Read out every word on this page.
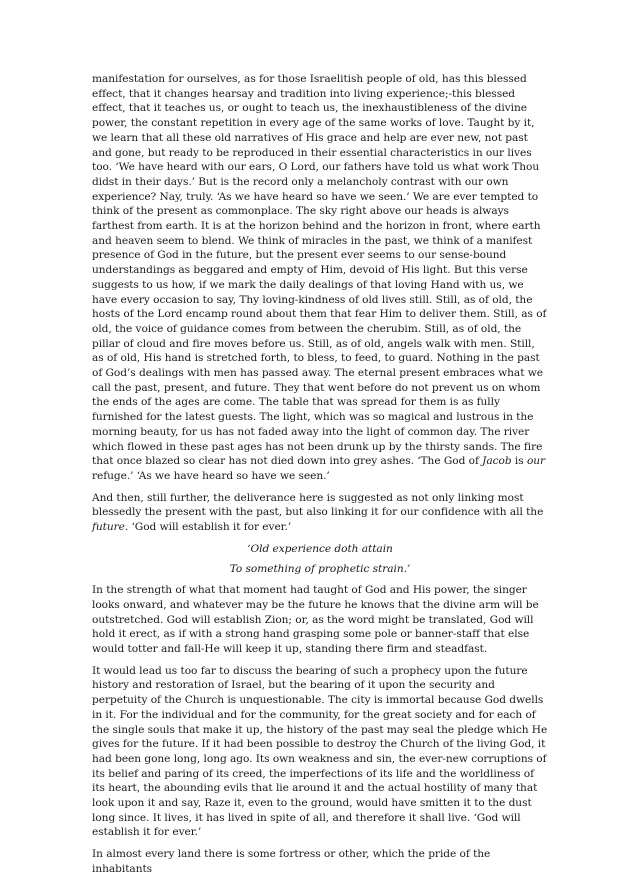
manifestation for ourselves, as for those Israelitish people of old, has this blessed effect, that it changes hearsay and tradition into living experience;-this blessed effect, that it teaches us, or ought to teach us, the inexhaustibleness of the divine power, the constant repetition in every age of the same works of love. Taught by it, we learn that all these old narratives of His grace and help are ever new, not past and gone, but ready to be reproduced in their essential characteristics in our lives too. ‘We have heard with our ears, O Lord, our fathers have told us what work Thou didst in their days.’ But is the record only a melancholy contrast with our own experience? Nay, truly. ‘As we have heard so have we seen.’ We are ever tempted to think of the present as commonplace. The sky right above our heads is always farthest from earth. It is at the horizon behind and the horizon in front, where earth and heaven seem to blend. We think of miracles in the past, we think of a manifest presence of God in the future, but the present ever seems to our sense-bound understandings as beggared and empty of Him, devoid of His light. But this verse suggests to us how, if we mark the daily dealings of that loving Hand with us, we have every occasion to say, Thy loving-kindness of old lives still. Still, as of old, the hosts of the Lord encamp round about them that fear Him to deliver them. Still, as of old, the voice of guidance comes from between the cherubim. Still, as of old, the pillar of cloud and fire moves before us. Still, as of old, angels walk with men. Still, as of old, His hand is stretched forth, to bless, to feed, to guard. Nothing in the past of God’s dealings with men has passed away. The eternal present embraces what we call the past, present, and future. They that went before do not prevent us on whom the ends of the ages are come. The table that was spread for them is as fully furnished for the latest guests. The light, which was so magical and lustrous in the morning beauty, for us has not faded away into the light of common day. The river which flowed in these past ages has not been drunk up by the thirsty sands. The fire that once blazed so clear has not died down into grey ashes. ‘The God of Jacob is our refuge.’ ‘As we have heard so have we seen.’

And then, still further, the deliverance here is suggested as not only linking most blessedly the present with the past, but also linking it for our confidence with all the future. ‘God will establish it for ever.’

‘Old experience doth attain

To something of prophetic strain.’

In the strength of what that moment had taught of God and His power, the singer looks onward, and whatever may be the future he knows that the divine arm will be outstretched. God will establish Zion; or, as the word might be translated, God will hold it erect, as if with a strong hand grasping some pole or banner-staff that else would totter and fall-He will keep it up, standing there firm and steadfast.

It would lead us too far to discuss the bearing of such a prophecy upon the future history and restoration of Israel, but the bearing of it upon the security and perpetuity of the Church is unquestionable. The city is immortal because God dwells in it. For the individual and for the community, for the great society and for each of the single souls that make it up, the history of the past may seal the pledge which He gives for the future. If it had been possible to destroy the Church of the living God, it had been gone long, long ago. Its own weakness and sin, the ever-new corruptions of its belief and paring of its creed, the imperfections of its life and the worldliness of its heart, the abounding evils that lie around it and the actual hostility of many that look upon it and say, Raze it, even to the ground, would have smitten it to the dust long since. It lives, it has lived in spite of all, and therefore it shall live. ‘God will establish it for ever.’

In almost every land there is some fortress or other, which the pride of the inhabitants
